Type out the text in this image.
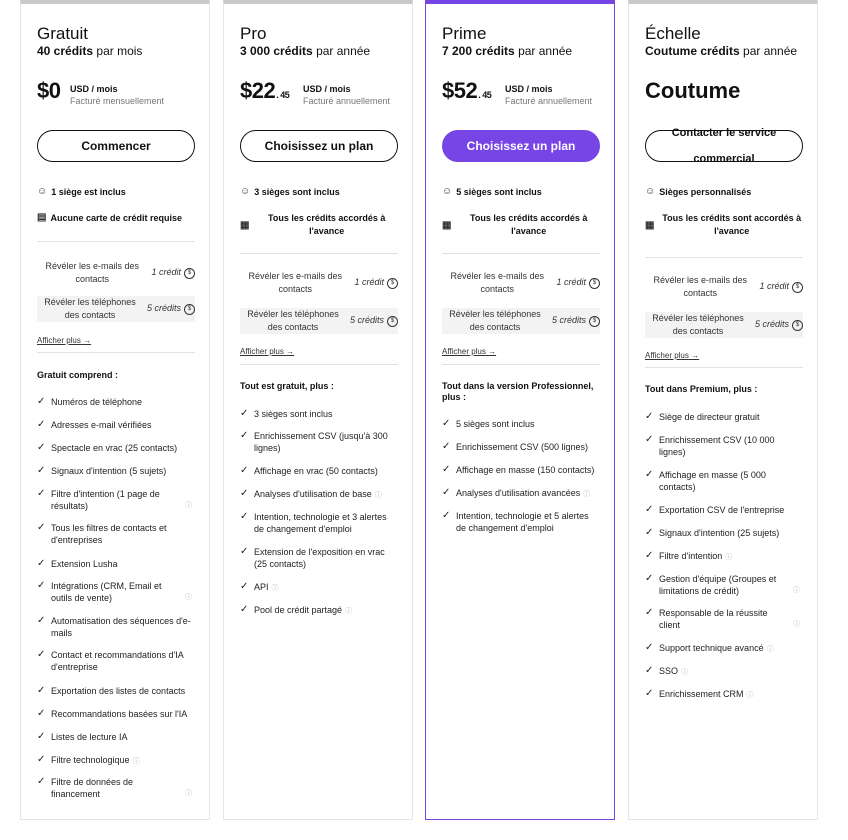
Gratuit
40 crédits par mois
$0 USD / mois
Facturé mensuellement
Commencer
☺ 1 siège est inclus
▤ Aucune carte de crédit requise
Révéler les e-mails des contacts
1 crédit $
Révéler les téléphones des contacts
5 crédits $
Afficher plus →
Gratuit comprend :
✓ Numéros de téléphone
✓ Adresses e-mail vérifiées
✓ Spectacle en vrac (25 contacts)
✓ Signaux d'intention (5 sujets)
✓ Filtre d'intention (1 page de résultats)	ⓘ
✓ Tous les filtres de contacts et d'entreprises
✓ Extension Lusha
✓ Intégrations (CRM, Email et outils de vente)	ⓘ
✓ Automatisation des séquences d'e-mails
✓ Contact et recommandations d'IA d'entreprise
✓ Exportation des listes de contacts
✓ Recommandations basées sur l'IA
✓ Listes de lecture IA
✓ Filtre technologique ⓘ
✓ Filtre de données de financement	ⓘ
Pro
3 000 crédits par année
$22. 45
USD / mois
Facturé annuellement
Choisissez un plan
☺ 3 sièges sont inclus
▦
Tous les crédits accordés à l'avance
Révéler les e-mails des contacts
1 crédit $
Révéler les téléphones des contacts
5 crédits $
Afficher plus →
Tout est gratuit, plus :
✓ 3 sièges sont inclus
✓ Enrichissement CSV (jusqu'à 300 lignes)
✓ Affichage en vrac (50 contacts)
✓ Analyses d'utilisation de base ⓘ
✓ Intention, technologie et 3 alertes de changement d'emploi
✓ Extension de l'exposition en vrac (25 contacts)
✓ API ⓘ
✓ Pool de crédit partagé ⓘ
Prime
7 200 crédits par année
$52. 45
USD / mois
Facturé annuellement
Choisissez un plan
☺ 5 sièges sont inclus
▦
Tous les crédits accordés à l'avance
Révéler les e-mails des contacts
1 crédit $
Révéler les téléphones des contacts
5 crédits $
Afficher plus →
Tout dans la version Professionnel, plus :
✓ 5 sièges sont inclus
✓ Enrichissement CSV (500 lignes)
✓ Affichage en masse (150 contacts)
✓ Analyses d'utilisation avancées ⓘ
✓ Intention, technologie et 5 alertes de changement d'emploi
Échelle
Coutume crédits par année
Coutume
Contacter le service commercial
☺ Sièges personnalisés
▦
Tous les crédits sont accordés à l'avance
Révéler les e-mails des contacts
1 crédit $
Révéler les téléphones des contacts
5 crédits $
Afficher plus →
Tout dans Premium, plus :
✓ Siège de directeur gratuit
✓ Enrichissement CSV (10 000 lignes)
✓ Affichage en masse (5 000 contacts)
✓ Exportation CSV de l'entreprise
✓ Signaux d'intention (25 sujets)
✓ Filtre d'intention ⓘ
✓ Gestion d'équipe (Groupes et limitations de crédit)	ⓘ
✓ Responsable de la réussite client	ⓘ
✓ Support technique avancé ⓘ
✓ SSO ⓘ
✓ Enrichissement CRM ⓘ
